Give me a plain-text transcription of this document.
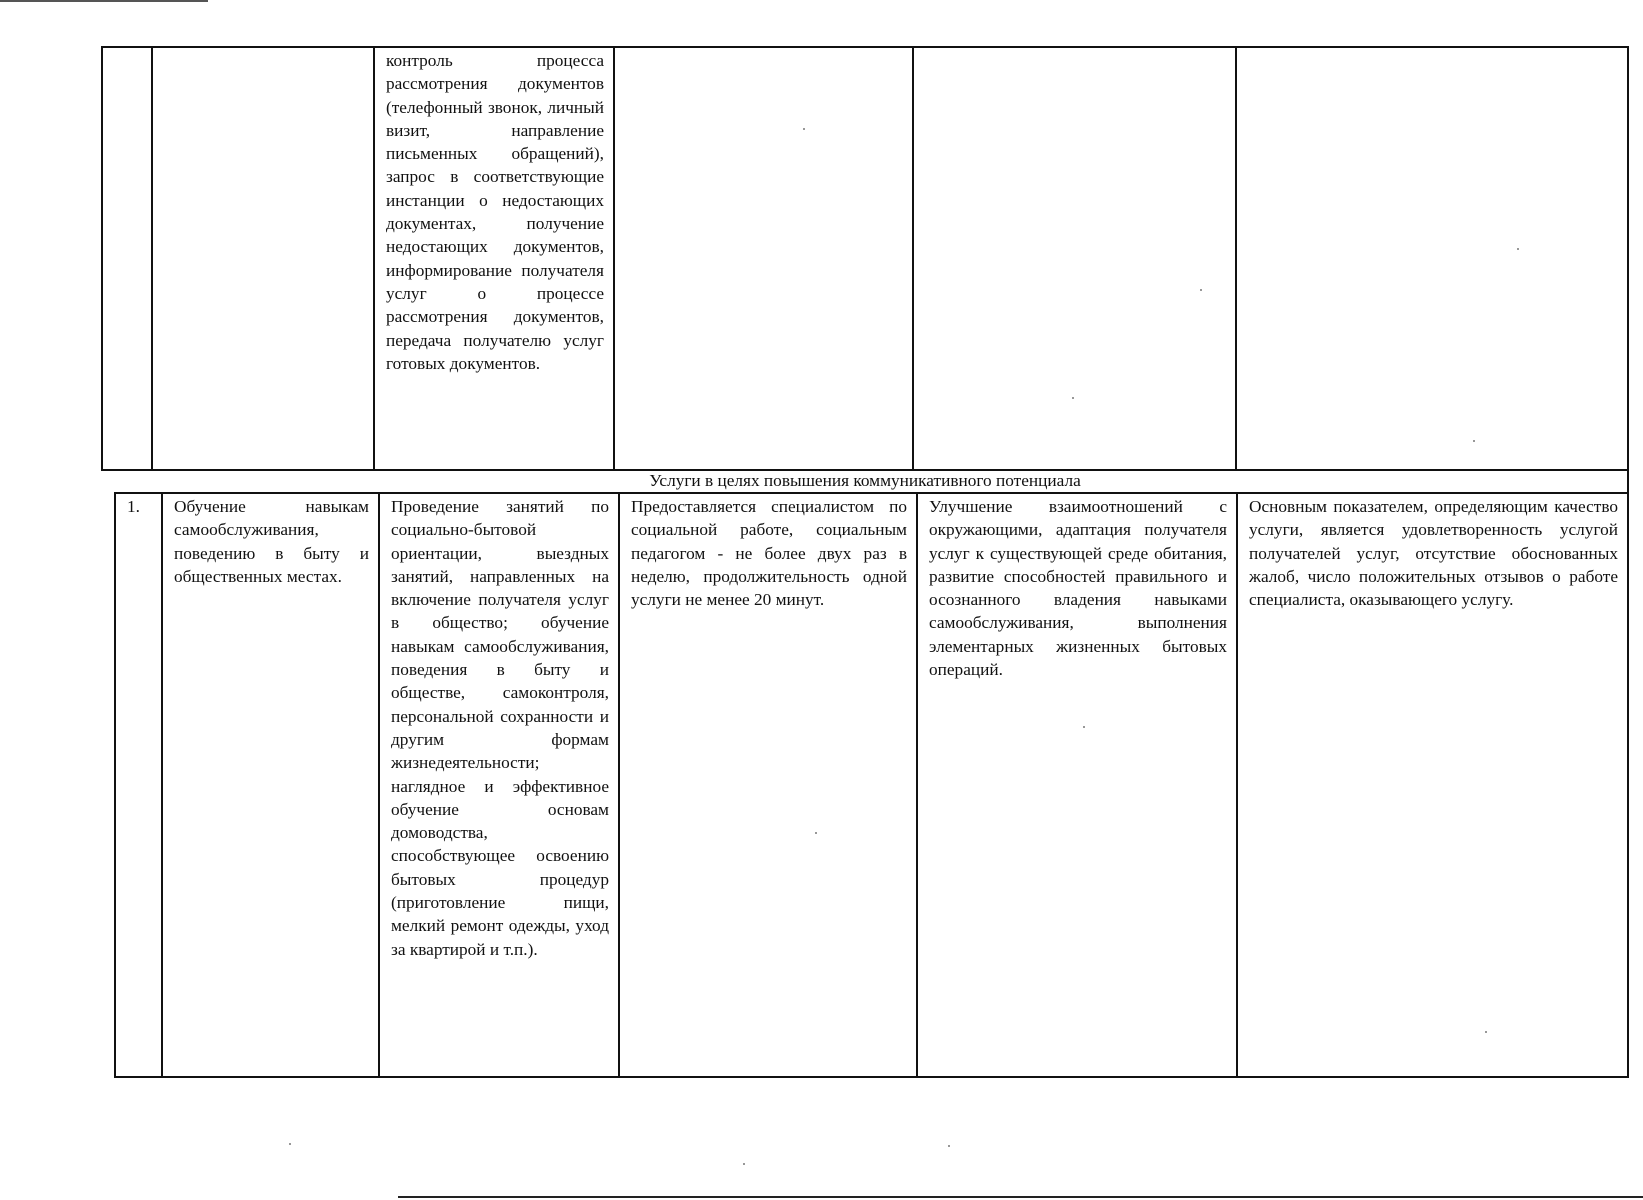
контроль процесса рассмотрения документов (телефонный звонок, личный визит, направление письменных обращений), запрос в соответствующие инстанции о недостающих документах, получение недостающих документов, информирование получателя услуг о процессе рассмотрения документов, передача получателю услуг готовых документов.
Услуги в целях повышения коммуникативного потенциала
1.	Обучение навыкам самообслуживания, поведению в быту и общественных местах.
Проведение занятий по социально-бытовой ориентации, выездных занятий, направленных на включение получателя услуг в общество; обучение навыкам самообслуживания, поведения в быту и обществе, самоконтроля, персональной сохранности и другим формам жизнедеятельности; наглядное и эффективное обучение основам домоводства, способствующее освоению бытовых процедур (приготовление пищи, мелкий ремонт одежды, уход за квартирой и т.п.).
Предоставляется специалистом по социальной работе, социальным педагогом - не более двух раз в неделю, продолжительность одной услуги не менее 20 минут.
Улучшение взаимоотношений с окружающими, адаптация получателя услуг к существующей среде обитания, развитие способностей правильного и осознанного владения навыками самообслуживания, выполнения элементарных жизненных бытовых операций.
Основным показателем, определяющим качество услуги, является удовлетворенность услугой получателей услуг, отсутствие обоснованных жалоб, число положительных отзывов о работе специалиста, оказывающего услугу.
